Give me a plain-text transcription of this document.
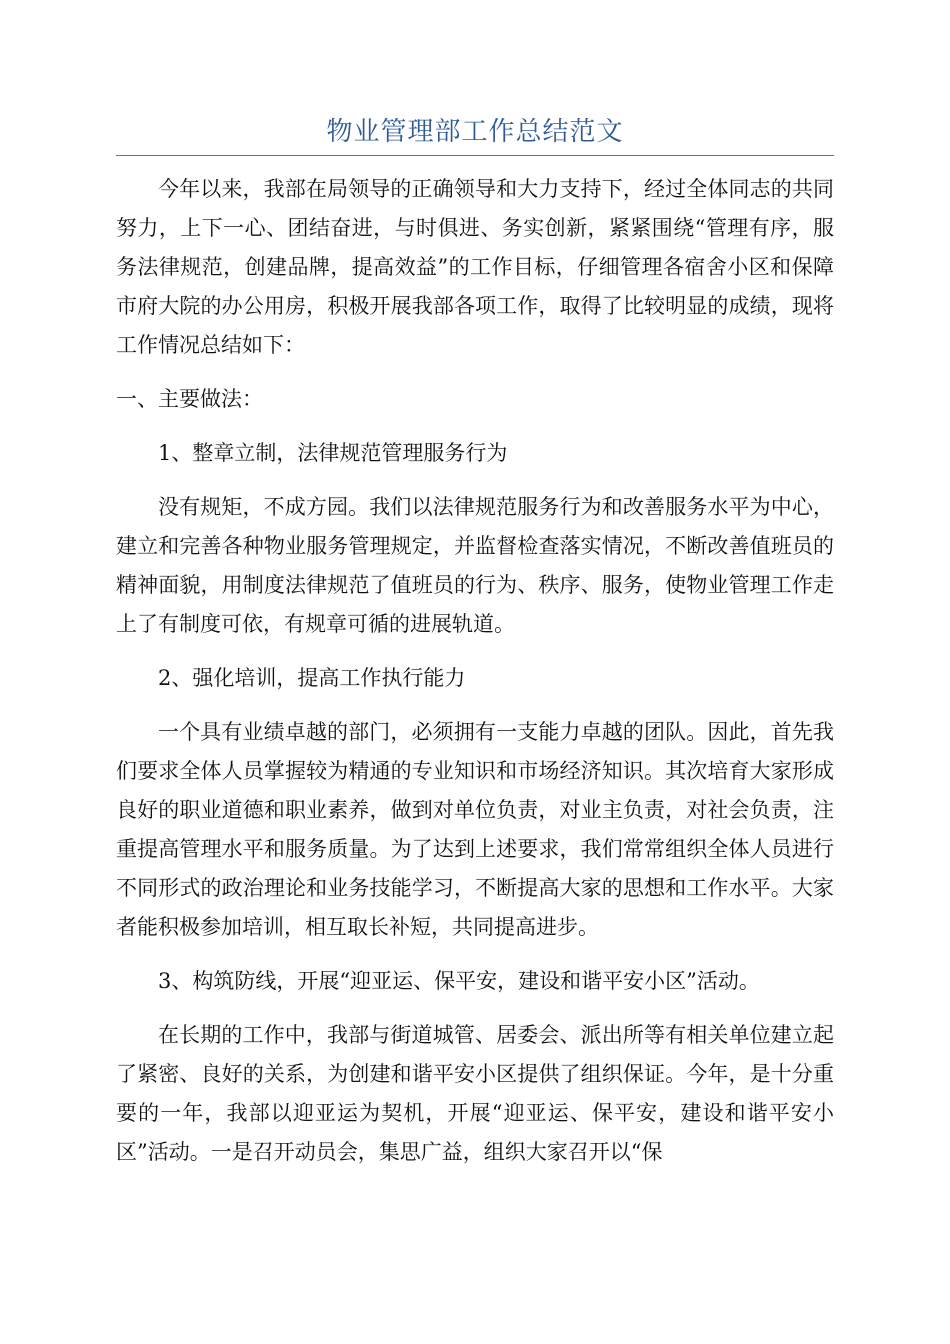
物业管理部工作总结范文

今年以来，我部在局领导的正确领导和大力支持下，经过全体同志的共同努力，上下一心、团结奋进，与时俱进、务实创新，紧紧围绕“管理有序，服务法律规范，创建品牌，提高效益”的工作目标，仔细管理各宿舍小区和保障市府大院的办公用房，积极开展我部各项工作，取得了比较明显的成绩，现将工作情况总结如下：

一、主要做法：

1、整章立制，法律规范管理服务行为

没有规矩，不成方园。我们以法律规范服务行为和改善服务水平为中心，建立和完善各种物业服务管理规定，并监督检查落实情况，不断改善值班员的精神面貌，用制度法律规范了值班员的行为、秩序、服务，使物业管理工作走上了有制度可依，有规章可循的进展轨道。

2、强化培训，提高工作执行能力

一个具有业绩卓越的部门，必须拥有一支能力卓越的团队。因此，首先我们要求全体人员掌握较为精通的专业知识和市场经济知识。其次培育大家形成良好的职业道德和职业素养，做到对单位负责，对业主负责，对社会负责，注重提高管理水平和服务质量。为了达到上述要求，我们常常组织全体人员进行不同形式的政治理论和业务技能学习，不断提高大家的思想和工作水平。大家者能积极参加培训，相互取长补短，共同提高进步。

3、构筑防线，开展“迎亚运、保平安，建设和谐平安小区”活动。

在长期的工作中，我部与街道城管、居委会、派出所等有相关单位建立起了紧密、良好的关系，为创建和谐平安小区提供了组织保证。今年，是十分重要的一年，我部以迎亚运为契机，开展“迎亚运、保平安，建设和谐平安小区”活动。一是召开动员会，集思广益，组织大家召开以“保
